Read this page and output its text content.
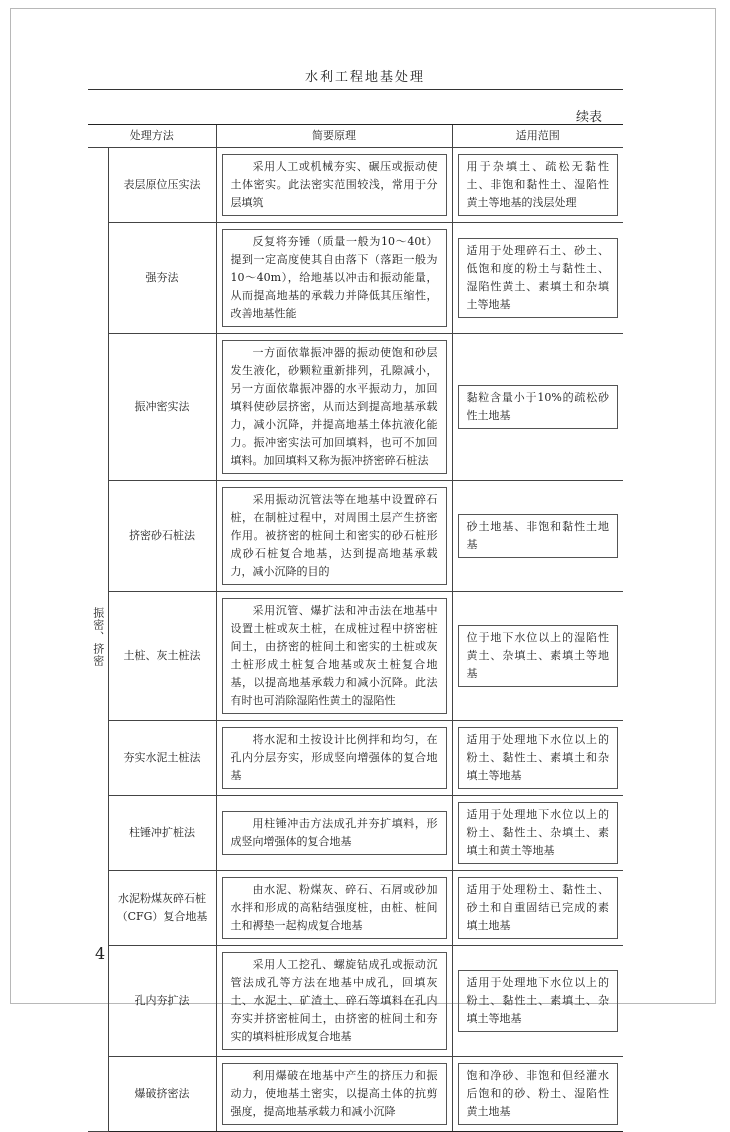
水利工程地基处理
续表
处理方法		简要原理	适用范围
振密、挤密	表层原位压实法	采用人工或机械夯实、碾压或振动使土体密实。此法密实范围较浅，常用于分层填筑	用于杂填土、疏松无黏性土、非饱和黏性土、湿陷性黄土等地基的浅层处理

	强夯法	反复将夯锤（质量一般为10～40t）提到一定高度使其自由落下（落距一般为10～40m），给地基以冲击和振动能量，从而提高地基的承载力并降低其压缩性，改善地基性能	适用于处理碎石土、砂土、低饱和度的粉土与黏性土、湿陷性黄土、素填土和杂填土等地基

	振冲密实法	一方面依靠振冲器的振动使饱和砂层发生液化，砂颗粒重新排列，孔隙减小，另一方面依靠振冲器的水平振动力，加回填料使砂层挤密，从而达到提高地基承载力，减小沉降，并提高地基土体抗液化能力。振冲密实法可加回填料，也可不加回填料。加回填料又称为振冲挤密碎石桩法	黏粒含量小于10%的疏松砂性土地基

	挤密砂石桩法	采用振动沉管法等在地基中设置碎石桩，在制桩过程中，对周围土层产生挤密作用。被挤密的桩间土和密实的砂石桩形成砂石桩复合地基，达到提高地基承载力，减小沉降的目的	砂土地基、非饱和黏性土地基

	土桩、灰土桩法	采用沉管、爆扩法和冲击法在地基中设置土桩或灰土桩，在成桩过程中挤密桩间土，由挤密的桩间土和密实的土桩或灰土桩形成土桩复合地基或灰土桩复合地基，以提高地基承载力和减小沉降。此法有时也可消除湿陷性黄土的湿陷性	位于地下水位以上的湿陷性黄土、杂填土、素填土等地基

	夯实水泥土桩法	将水泥和土按设计比例拌和均匀，在孔内分层夯实，形成竖向增强体的复合地基	适用于处理地下水位以上的粉土、黏性土、素填土和杂填土等地基

	柱锤冲扩桩法	用柱锤冲击方法成孔并夯扩填料，形成竖向增强体的复合地基	适用于处理地下水位以上的粉土、黏性土、杂填土、素填土和黄土等地基

	水泥粉煤灰碎石桩（CFG）复合地基	由水泥、粉煤灰、碎石、石屑或砂加水拌和形成的高粘结强度桩，由桩、桩间土和褥垫一起构成复合地基	适用于处理粉土、黏性土、砂土和自重固结已完成的素填土地基

	孔内夯扩法	采用人工挖孔、螺旋钻成孔或振动沉管法成孔等方法在地基中成孔，回填灰土、水泥土、矿渣土、碎石等填料在孔内夯实并挤密桩间土，由挤密的桩间土和夯实的填料桩形成复合地基	适用于处理地下水位以上的粉土、黏性土、素填土、杂填土等地基

	爆破挤密法	利用爆破在地基中产生的挤压力和振动力，使地基土密实，以提高土体的抗剪强度，提高地基承载力和减小沉降	饱和净砂、非饱和但经灌水后饱和的砂、粉土、湿陷性黄土地基
4
